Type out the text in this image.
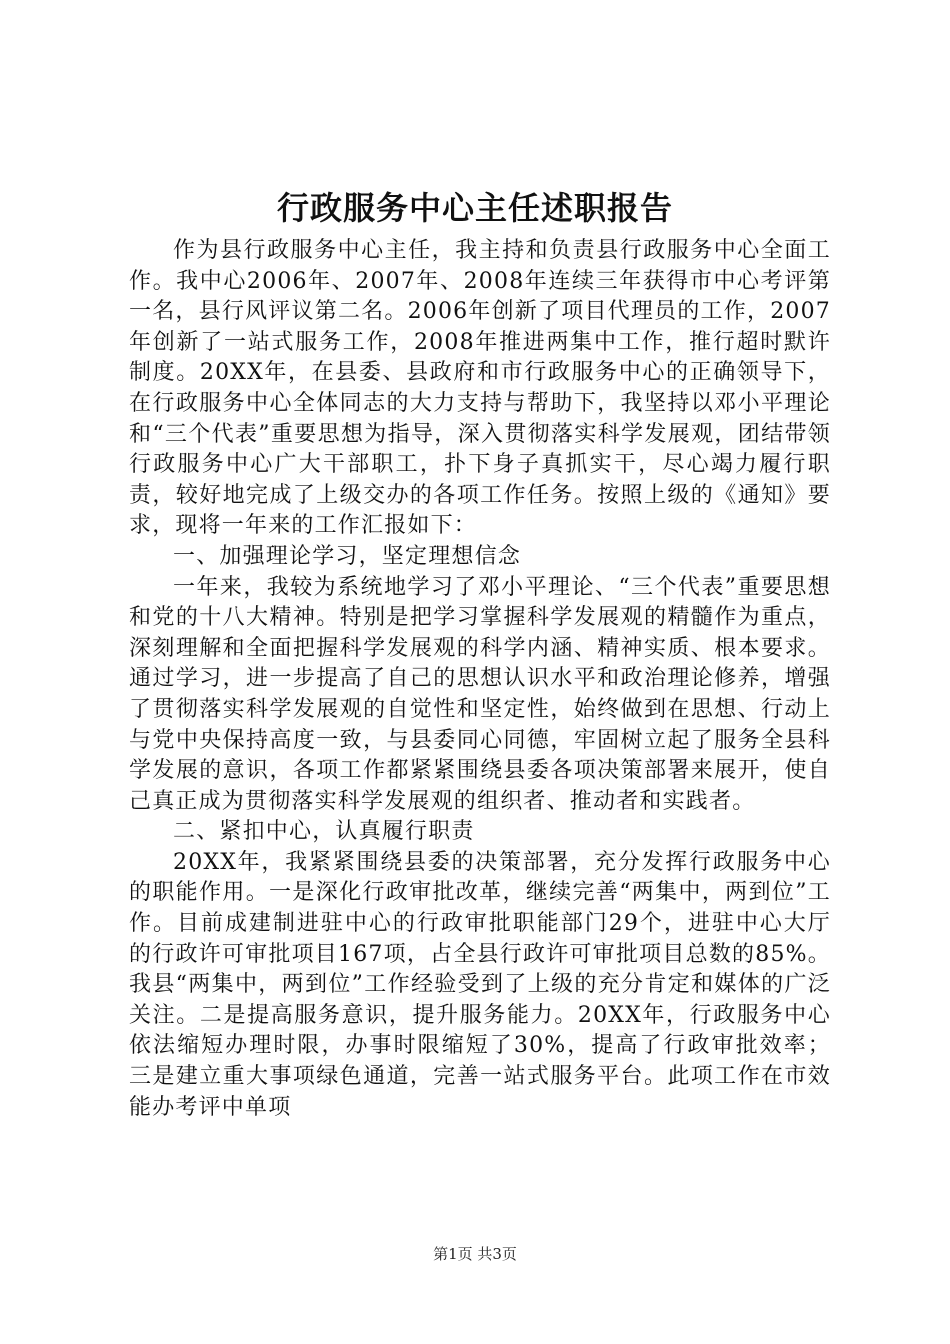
行政服务中心主任述职报告

作为县行政服务中心主任，我主持和负责县行政服务中心全面工作。我中心2006年、2007年、2008年连续三年获得市中心考评第一名，县行风评议第二名。2006年创新了项目代理员的工作，2007年创新了一站式服务工作，2008年推进两集中工作，推行超时默许制度。20XX年，在县委、县政府和市行政服务中心的正确领导下，在行政服务中心全体同志的大力支持与帮助下，我坚持以邓小平理论和“三个代表”重要思想为指导，深入贯彻落实科学发展观，团结带领行政服务中心广大干部职工，扑下身子真抓实干，尽心竭力履行职责，较好地完成了上级交办的各项工作任务。按照上级的《通知》要求，现将一年来的工作汇报如下：

一、加强理论学习，坚定理想信念

一年来，我较为系统地学习了邓小平理论、“三个代表”重要思想和党的十八大精神。特别是把学习掌握科学发展观的精髓作为重点，深刻理解和全面把握科学发展观的科学内涵、精神实质、根本要求。通过学习，进一步提高了自己的思想认识水平和政治理论修养，增强了贯彻落实科学发展观的自觉性和坚定性，始终做到在思想、行动上与党中央保持高度一致，与县委同心同德，牢固树立起了服务全县科学发展的意识，各项工作都紧紧围绕县委各项决策部署来展开，使自己真正成为贯彻落实科学发展观的组织者、推动者和实践者。

二、紧扣中心，认真履行职责

20XX年，我紧紧围绕县委的决策部署，充分发挥行政服务中心的职能作用。一是深化行政审批改革，继续完善“两集中，两到位”工作。目前成建制进驻中心的行政审批职能部门29个，进驻中心大厅的行政许可审批项目167项，占全县行政许可审批项目总数的85%。我县“两集中，两到位”工作经验受到了上级的充分肯定和媒体的广泛关注。二是提高服务意识，提升服务能力。20XX年，行政服务中心依法缩短办理时限，办事时限缩短了30%，提高了行政审批效率；三是建立重大事项绿色通道，完善一站式服务平台。此项工作在市效能办考评中单项

第1页 共3页
